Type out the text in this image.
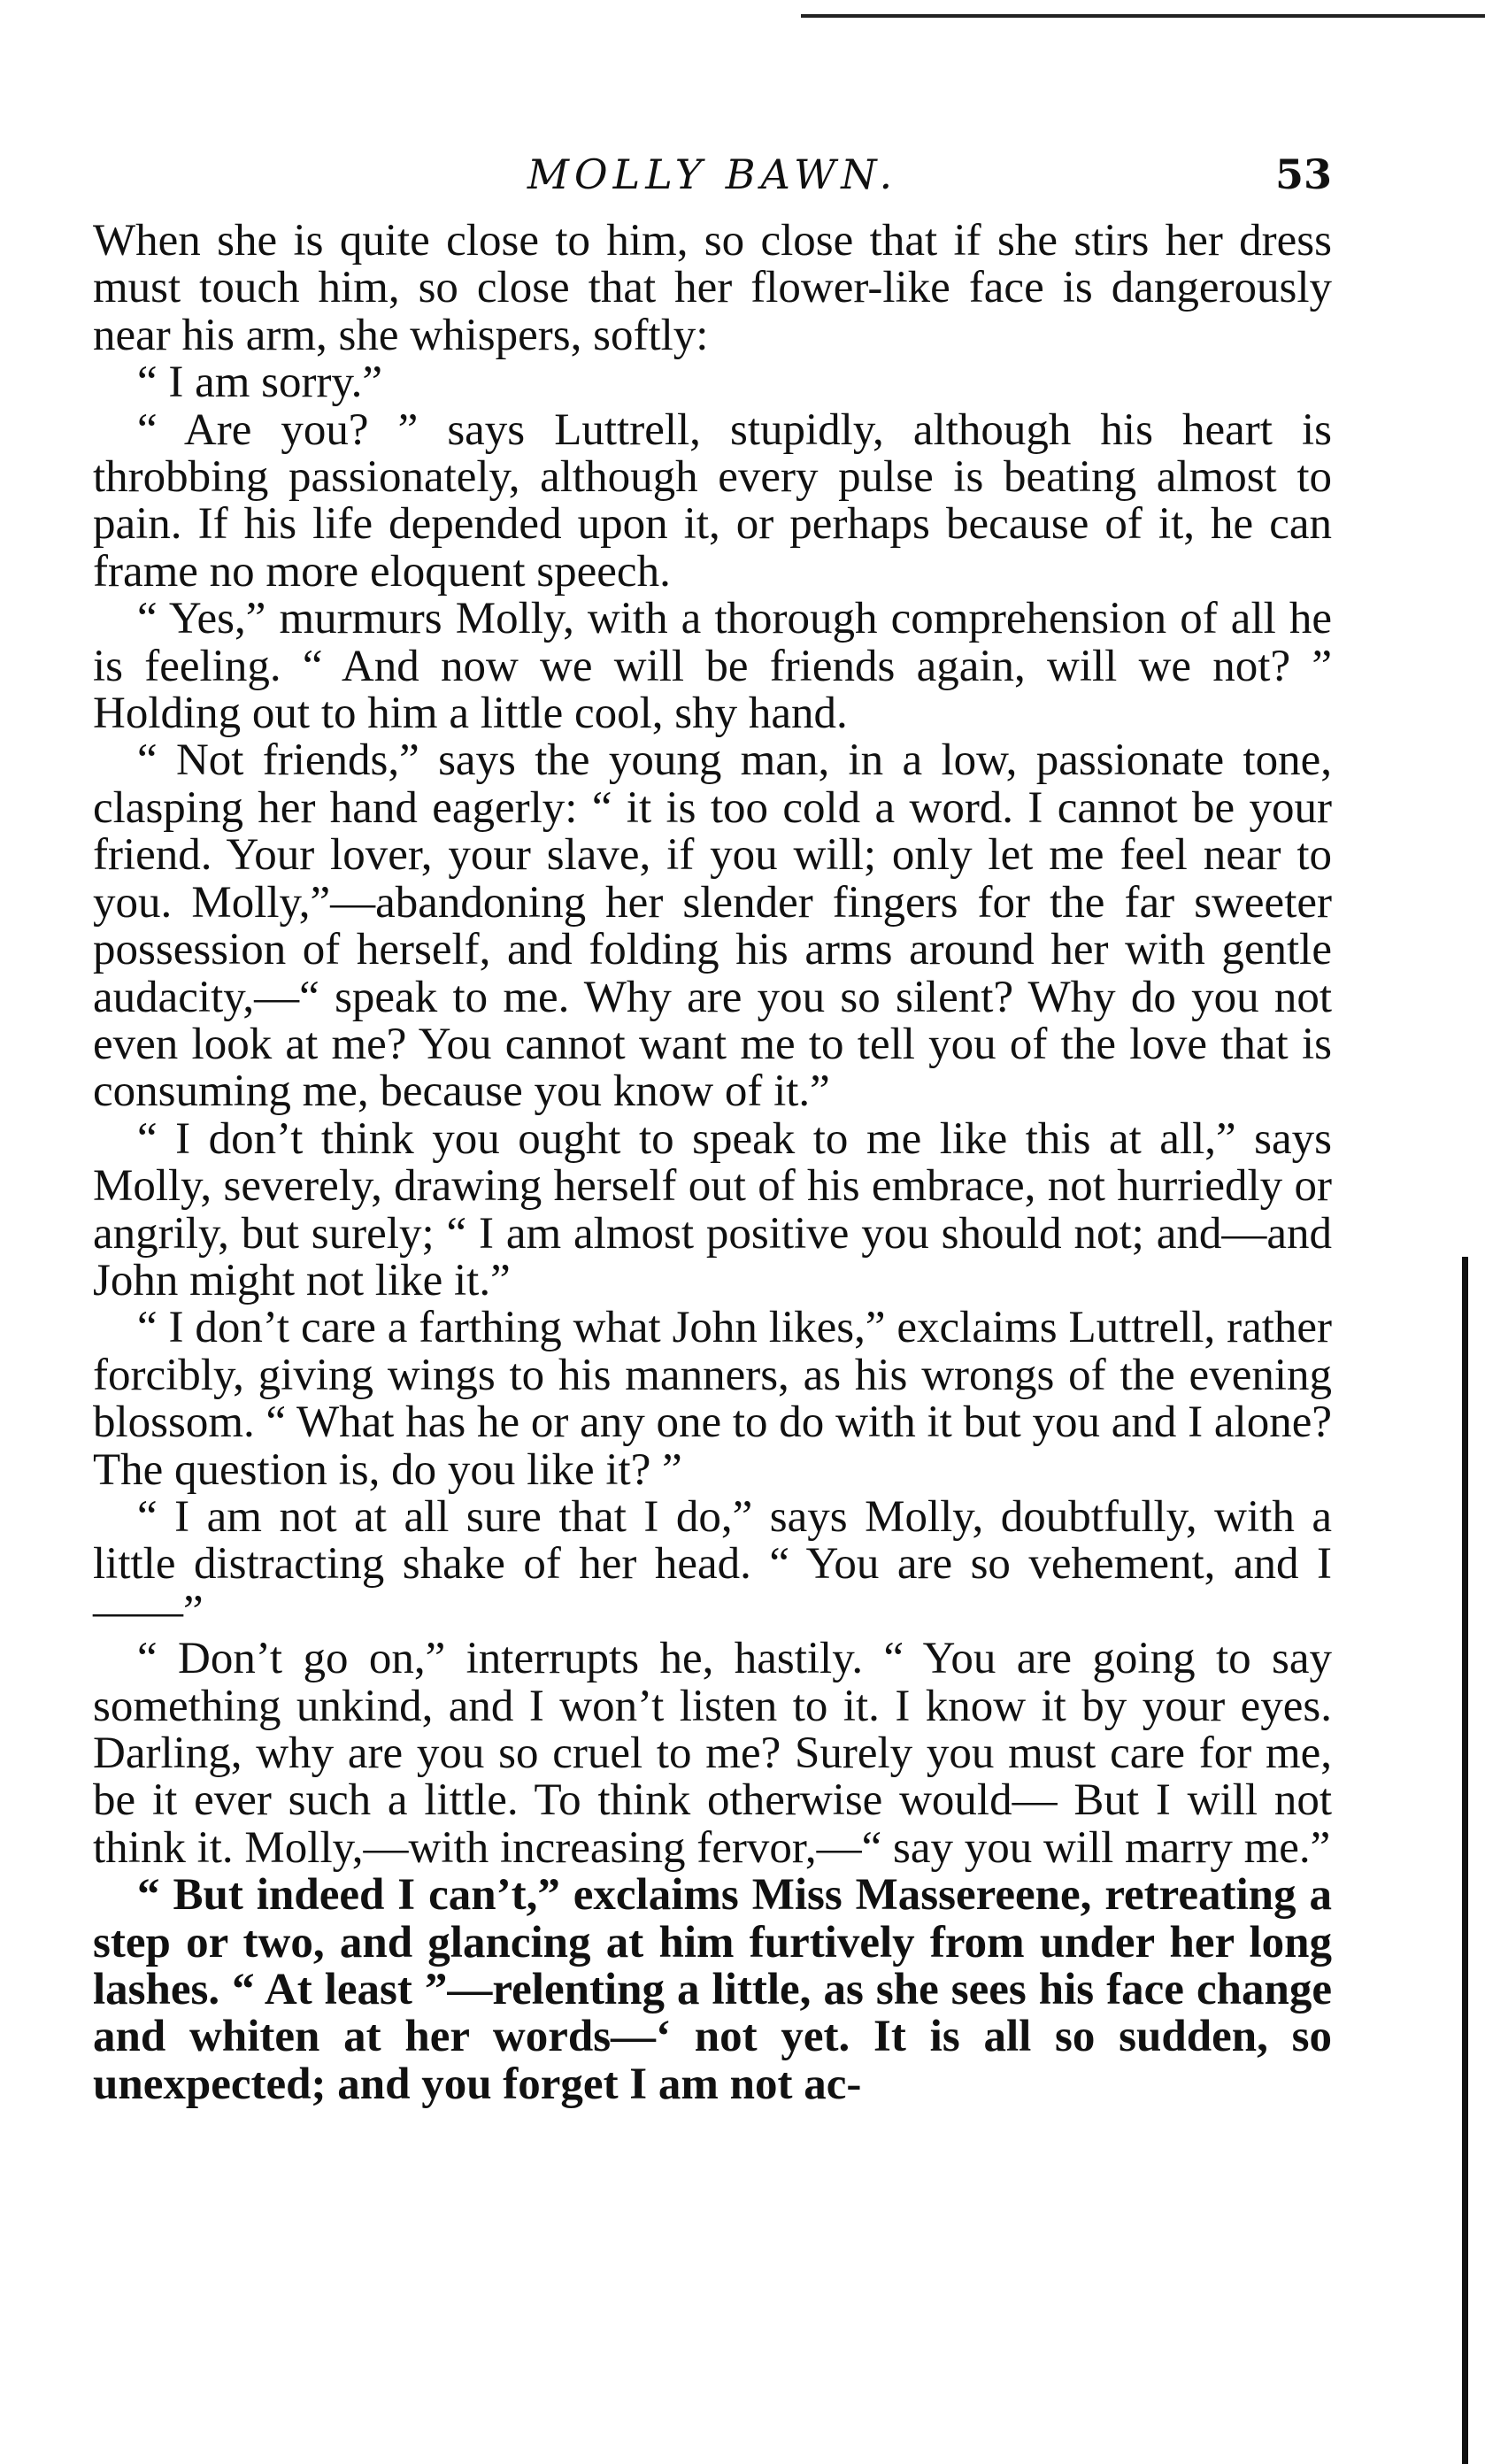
MOLLY BAWN.	53

When she is quite close to him, so close that if she stirs her dress must touch him, so close that her flower-like face is dangerously near his arm, she whispers, softly:

“ I am sorry.”

“ Are you? ” says Luttrell, stupidly, although his heart is throbbing passionately, although every pulse is beating almost to pain. If his life depended upon it, or perhaps because of it, he can frame no more eloquent speech.

“ Yes,” murmurs Molly, with a thorough comprehension of all he is feeling. “ And now we will be friends again, will we not? ” Holding out to him a little cool, shy hand.

“ Not friends,” says the young man, in a low, passionate tone, clasping her hand eagerly: “ it is too cold a word. I cannot be your friend. Your lover, your slave, if you will; only let me feel near to you. Molly,”—abandoning her slender fingers for the far sweeter possession of herself, and folding his arms around her with gentle audacity,—“ speak to me. Why are you so silent? Why do you not even look at me? You cannot want me to tell you of the love that is consuming me, because you know of it.”

“ I don’t think you ought to speak to me like this at all,” says Molly, severely, drawing herself out of his embrace, not hurriedly or angrily, but surely; “ I am almost positive you should not; and—and John might not like it.”

“ I don’t care a farthing what John likes,” exclaims Luttrell, rather forcibly, giving wings to his manners, as his wrongs of the evening blossom. “ What has he or any one to do with it but you and I alone? The question is, do you like it? ”

“ I am not at all sure that I do,” says Molly, doubtfully, with a little distracting shake of her head. “ You are so vehement, and I——”

“ Don’t go on,” interrupts he, hastily. “ You are going to say something unkind, and I won’t listen to it. I know it by your eyes. Darling, why are you so cruel to me? Surely you must care for me, be it ever such a little. To think otherwise would— But I will not think it. Molly,—with increasing fervor,—“ say you will marry me.”

“ But indeed I can’t,” exclaims Miss Massereene, retreating a step or two, and glancing at him furtively from under her long lashes. “ At least ”—relenting a little, as she sees his face change and whiten at her words—‘ not yet. It is all so sudden, so unexpected; and you forget I am not ac-
